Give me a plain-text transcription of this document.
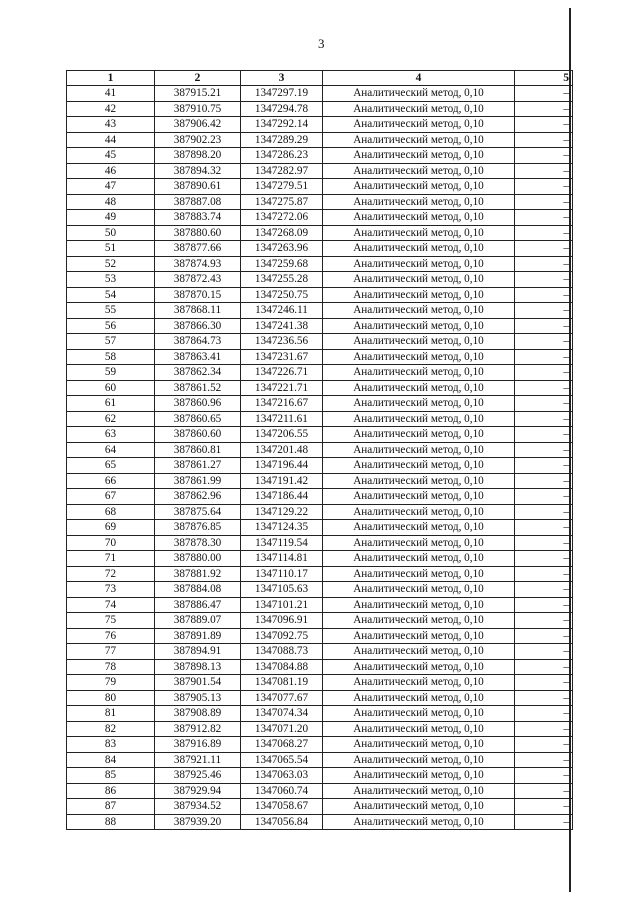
3
1	2	3	4	5
41	387915.21	1347297.19	Аналитический метод, 0,10	–
42	387910.75	1347294.78	Аналитический метод, 0,10	–
43	387906.42	1347292.14	Аналитический метод, 0,10	–
44	387902.23	1347289.29	Аналитический метод, 0,10	–
45	387898.20	1347286.23	Аналитический метод, 0,10	–
46	387894.32	1347282.97	Аналитический метод, 0,10	–
47	387890.61	1347279.51	Аналитический метод, 0,10	–
48	387887.08	1347275.87	Аналитический метод, 0,10	–
49	387883.74	1347272.06	Аналитический метод, 0,10	–
50	387880.60	1347268.09	Аналитический метод, 0,10	–
51	387877.66	1347263.96	Аналитический метод, 0,10	–
52	387874.93	1347259.68	Аналитический метод, 0,10	–
53	387872.43	1347255.28	Аналитический метод, 0,10	–
54	387870.15	1347250.75	Аналитический метод, 0,10	–
55	387868.11	1347246.11	Аналитический метод, 0,10	–
56	387866.30	1347241.38	Аналитический метод, 0,10	–
57	387864.73	1347236.56	Аналитический метод, 0,10	–
58	387863.41	1347231.67	Аналитический метод, 0,10	–
59	387862.34	1347226.71	Аналитический метод, 0,10	–
60	387861.52	1347221.71	Аналитический метод, 0,10	–
61	387860.96	1347216.67	Аналитический метод, 0,10	–
62	387860.65	1347211.61	Аналитический метод, 0,10	–
63	387860.60	1347206.55	Аналитический метод, 0,10	–
64	387860.81	1347201.48	Аналитический метод, 0,10	–
65	387861.27	1347196.44	Аналитический метод, 0,10	–
66	387861.99	1347191.42	Аналитический метод, 0,10	–
67	387862.96	1347186.44	Аналитический метод, 0,10	–
68	387875.64	1347129.22	Аналитический метод, 0,10	–
69	387876.85	1347124.35	Аналитический метод, 0,10	–
70	387878.30	1347119.54	Аналитический метод, 0,10	–
71	387880.00	1347114.81	Аналитический метод, 0,10	–
72	387881.92	1347110.17	Аналитический метод, 0,10	–
73	387884.08	1347105.63	Аналитический метод, 0,10	–
74	387886.47	1347101.21	Аналитический метод, 0,10	–
75	387889.07	1347096.91	Аналитический метод, 0,10	–
76	387891.89	1347092.75	Аналитический метод, 0,10	–
77	387894.91	1347088.73	Аналитический метод, 0,10	–
78	387898.13	1347084.88	Аналитический метод, 0,10	–
79	387901.54	1347081.19	Аналитический метод, 0,10	–
80	387905.13	1347077.67	Аналитический метод, 0,10	–
81	387908.89	1347074.34	Аналитический метод, 0,10	–
82	387912.82	1347071.20	Аналитический метод, 0,10	–
83	387916.89	1347068.27	Аналитический метод, 0,10	–
84	387921.11	1347065.54	Аналитический метод, 0,10	–
85	387925.46	1347063.03	Аналитический метод, 0,10	–
86	387929.94	1347060.74	Аналитический метод, 0,10	–
87	387934.52	1347058.67	Аналитический метод, 0,10	–
88	387939.20	1347056.84	Аналитический метод, 0,10	–
